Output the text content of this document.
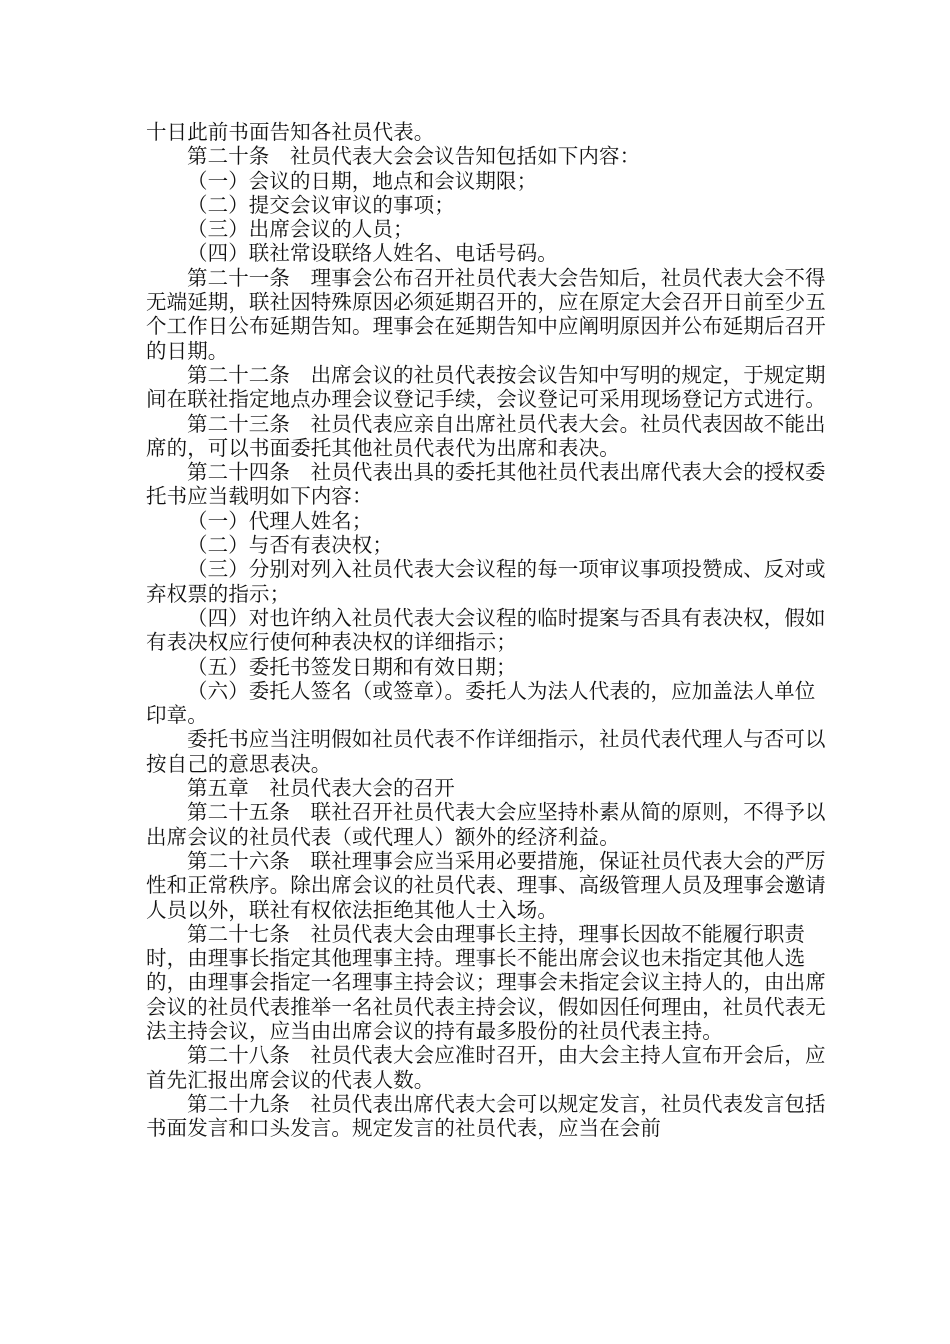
十日此前书面告知各社员代表。

第二十条　社员代表大会会议告知包括如下内容：

（一）会议的日期，地点和会议期限；

（二）提交会议审议的事项；

（三）出席会议的人员；

（四）联社常设联络人姓名、电话号码。

第二十一条　理事会公布召开社员代表大会告知后，社员代表大会不得无端延期，联社因特殊原因必须延期召开的，应在原定大会召开日前至少五个工作日公布延期告知。理事会在延期告知中应阐明原因并公布延期后召开的日期。

第二十二条　出席会议的社员代表按会议告知中写明的规定，于规定期间在联社指定地点办理会议登记手续，会议登记可采用现场登记方式进行。

第二十三条　社员代表应亲自出席社员代表大会。社员代表因故不能出席的，可以书面委托其他社员代表代为出席和表决。

第二十四条　社员代表出具的委托其他社员代表出席代表大会的授权委托书应当载明如下内容：

（一）代理人姓名；

（二）与否有表决权；

（三）分别对列入社员代表大会议程的每一项审议事项投赞成、反对或弃权票的指示；

（四）对也许纳入社员代表大会议程的临时提案与否具有表决权，假如有表决权应行使何种表决权的详细指示；

（五）委托书签发日期和有效日期；

（六）委托人签名（或签章）。委托人为法人代表的，应加盖法人单位印章。

委托书应当注明假如社员代表不作详细指示，社员代表代理人与否可以按自己的意思表决。

第五章　社员代表大会的召开

第二十五条　联社召开社员代表大会应坚持朴素从简的原则，不得予以出席会议的社员代表（或代理人）额外的经济利益。

第二十六条　联社理事会应当采用必要措施，保证社员代表大会的严厉性和正常秩序。除出席会议的社员代表、理事、高级管理人员及理事会邀请人员以外，联社有权依法拒绝其他人士入场。

第二十七条　社员代表大会由理事长主持，理事长因故不能履行职责时，由理事长指定其他理事主持。理事长不能出席会议也未指定其他人选的，由理事会指定一名理事主持会议；理事会未指定会议主持人的，由出席会议的社员代表推举一名社员代表主持会议，假如因任何理由，社员代表无法主持会议，应当由出席会议的持有最多股份的社员代表主持。

第二十八条　社员代表大会应准时召开，由大会主持人宣布开会后，应首先汇报出席会议的代表人数。

第二十九条　社员代表出席代表大会可以规定发言，社员代表发言包括书面发言和口头发言。规定发言的社员代表，应当在会前
